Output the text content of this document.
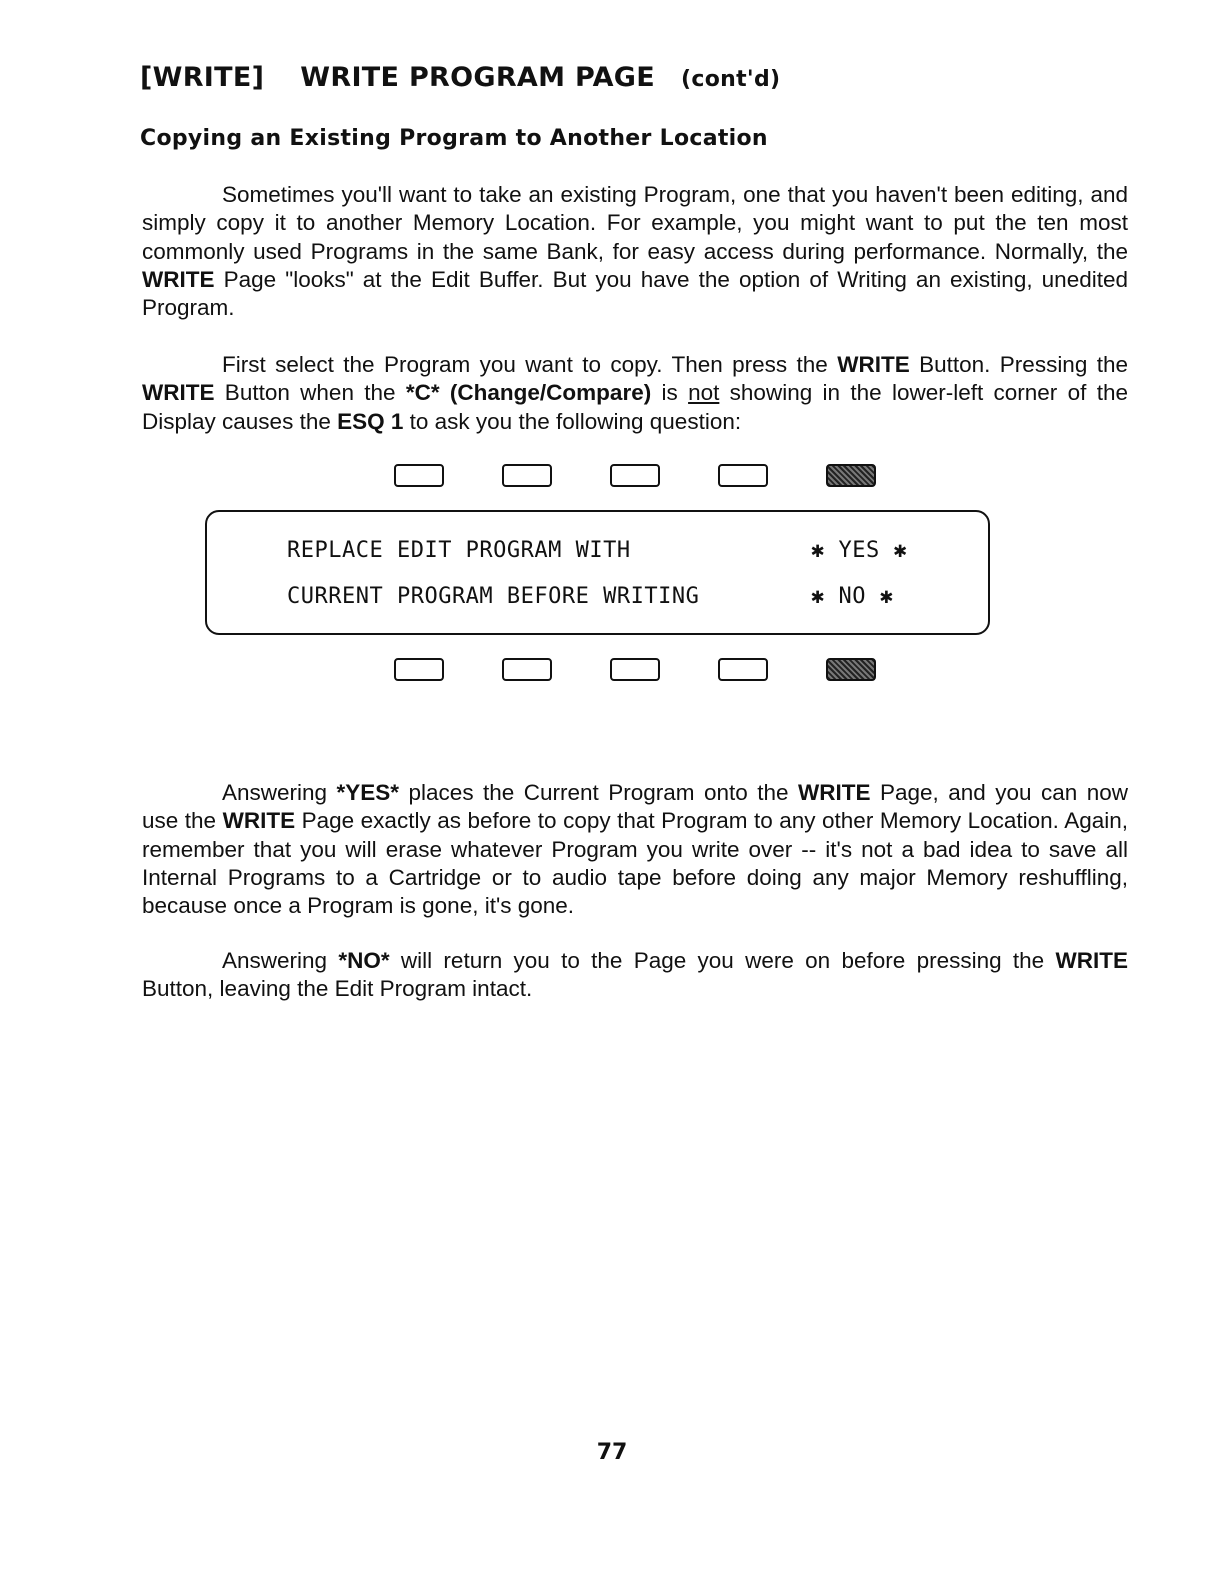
[WRITE] WRITE PROGRAM PAGE (cont'd)
Copying an Existing Program to Another Location

Sometimes you'll want to take an existing Program, one that you haven't been editing, and simply copy it to another Memory Location. For example, you might want to put the ten most commonly used Programs in the same Bank, for easy access during performance. Normally, the WRITE Page "looks" at the Edit Buffer. But you have the option of Writing an existing, unedited Program.

First select the Program you want to copy. Then press the WRITE Button. Pressing the WRITE Button when the *C* (Change/Compare) is not showing in the lower-left corner of the Display causes the ESQ 1 to ask you the following question:

REPLACE EDIT PROGRAM WITH
CURRENT PROGRAM BEFORE WRITING
✱ YES ✱
✱ NO ✱

Answering *YES* places the Current Program onto the WRITE Page, and you can now use the WRITE Page exactly as before to copy that Program to any other Memory Location. Again, remember that you will erase whatever Program you write over -- it's not a bad idea to save all Internal Programs to a Cartridge or to audio tape before doing any major Memory reshuffling, because once a Program is gone, it's gone.

Answering *NO* will return you to the Page you were on before pressing the WRITE Button, leaving the Edit Program intact.

77
